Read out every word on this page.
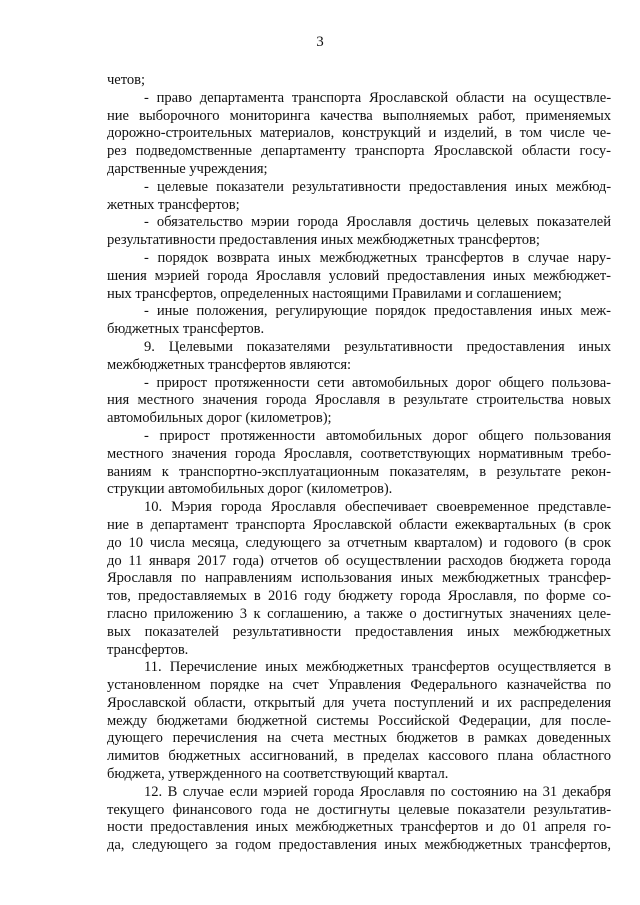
3
четов;
- право департамента транспорта Ярославской области на осуществле-
ние выборочного мониторинга качества выполняемых работ, применяемых
дорожно-строительных материалов, конструкций и изделий, в том числе че-
рез подведомственные департаменту транспорта Ярославской области госу-
дарственные учреждения;
- целевые показатели результативности предоставления иных межбюд-
жетных трансфертов;
- обязательство мэрии города Ярославля достичь целевых показателей
результативности предоставления иных межбюджетных трансфертов;
- порядок возврата иных межбюджетных трансфертов в случае нару-
шения мэрией города Ярославля условий предоставления иных межбюджет-
ных трансфертов, определенных настоящими Правилами и соглашением;
- иные положения, регулирующие порядок предоставления иных меж-
бюджетных трансфертов.
9. Целевыми показателями результативности предоставления иных
межбюджетных трансфертов являются:
- прирост протяженности сети автомобильных дорог общего пользова-
ния местного значения города Ярославля в результате строительства новых
автомобильных дорог (километров);
- прирост протяженности автомобильных дорог общего пользования
местного значения города Ярославля, соответствующих нормативным требо-
ваниям к транспортно-эксплуатационным показателям, в результате рекон-
струкции автомобильных дорог (километров).
10. Мэрия города Ярославля обеспечивает своевременное представле-
ние в департамент транспорта Ярославской области ежеквартальных (в срок
до 10 числа месяца, следующего за отчетным кварталом) и годового (в срок
до 11 января 2017 года) отчетов об осуществлении расходов бюджета города
Ярославля по направлениям использования иных межбюджетных трансфер-
тов, предоставляемых в 2016 году бюджету города Ярославля, по форме со-
гласно приложению 3 к соглашению, а также о достигнутых значениях целе-
вых показателей результативности предоставления иных межбюджетных
трансфертов.
11. Перечисление иных межбюджетных трансфертов осуществляется в
установленном порядке на счет Управления Федерального казначейства по
Ярославской области, открытый для учета поступлений и их распределения
между бюджетами бюджетной системы Российской Федерации, для после-
дующего перечисления на счета местных бюджетов в рамках доведенных
лимитов бюджетных ассигнований, в пределах кассового плана областного
бюджета, утвержденного на соответствующий квартал.
12. В случае если мэрией города Ярославля по состоянию на 31 декабря
текущего финансового года не достигнуты целевые показатели результатив-
ности предоставления иных межбюджетных трансфертов и до 01 апреля го-
да, следующего за годом предоставления иных межбюджетных трансфертов,
